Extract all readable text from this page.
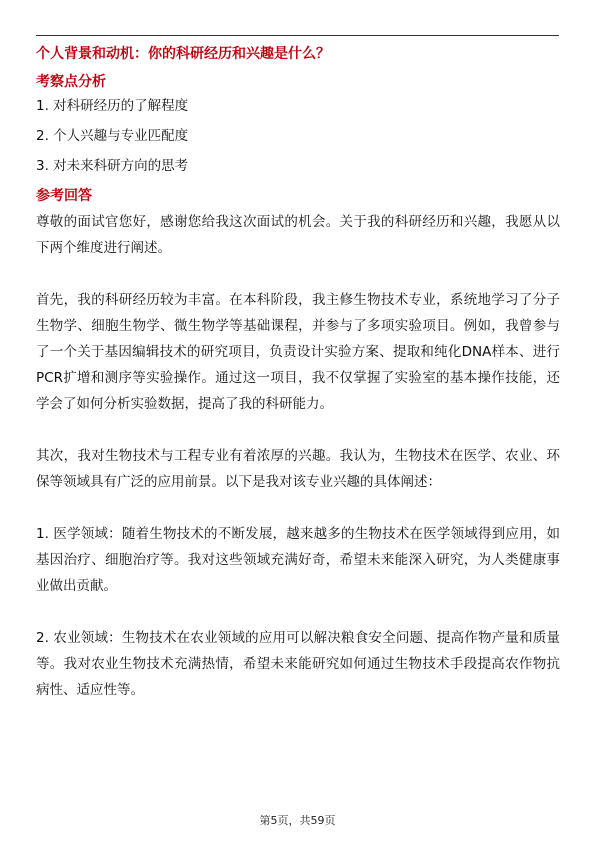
个人背景和动机：你的科研经历和兴趣是什么？
考察点分析
1. 对科研经历的了解程度
2. 个人兴趣与专业匹配度
3. 对未来科研方向的思考
参考回答

尊敬的面试官您好，感谢您给我这次面试的机会。关于我的科研经历和兴趣，我愿从以下两个维度进行阐述。

首先，我的科研经历较为丰富。在本科阶段，我主修生物技术专业，系统地学习了分子生物学、细胞生物学、微生物学等基础课程，并参与了多项实验项目。例如，我曾参与了一个关于基因编辑技术的研究项目，负责设计实验方案、提取和纯化DNA样本、进行PCR扩增和测序等实验操作。通过这一项目，我不仅掌握了实验室的基本操作技能，还学会了如何分析实验数据，提高了我的科研能力。

其次，我对生物技术与工程专业有着浓厚的兴趣。我认为，生物技术在医学、农业、环保等领域具有广泛的应用前景。以下是我对该专业兴趣的具体阐述：

1. 医学领域：随着生物技术的不断发展，越来越多的生物技术在医学领域得到应用，如基因治疗、细胞治疗等。我对这些领域充满好奇，希望未来能深入研究，为人类健康事业做出贡献。

2. 农业领域：生物技术在农业领域的应用可以解决粮食安全问题、提高作物产量和质量等。我对农业生物技术充满热情，希望未来能研究如何通过生物技术手段提高农作物抗病性、适应性等。

第5页，共59页
